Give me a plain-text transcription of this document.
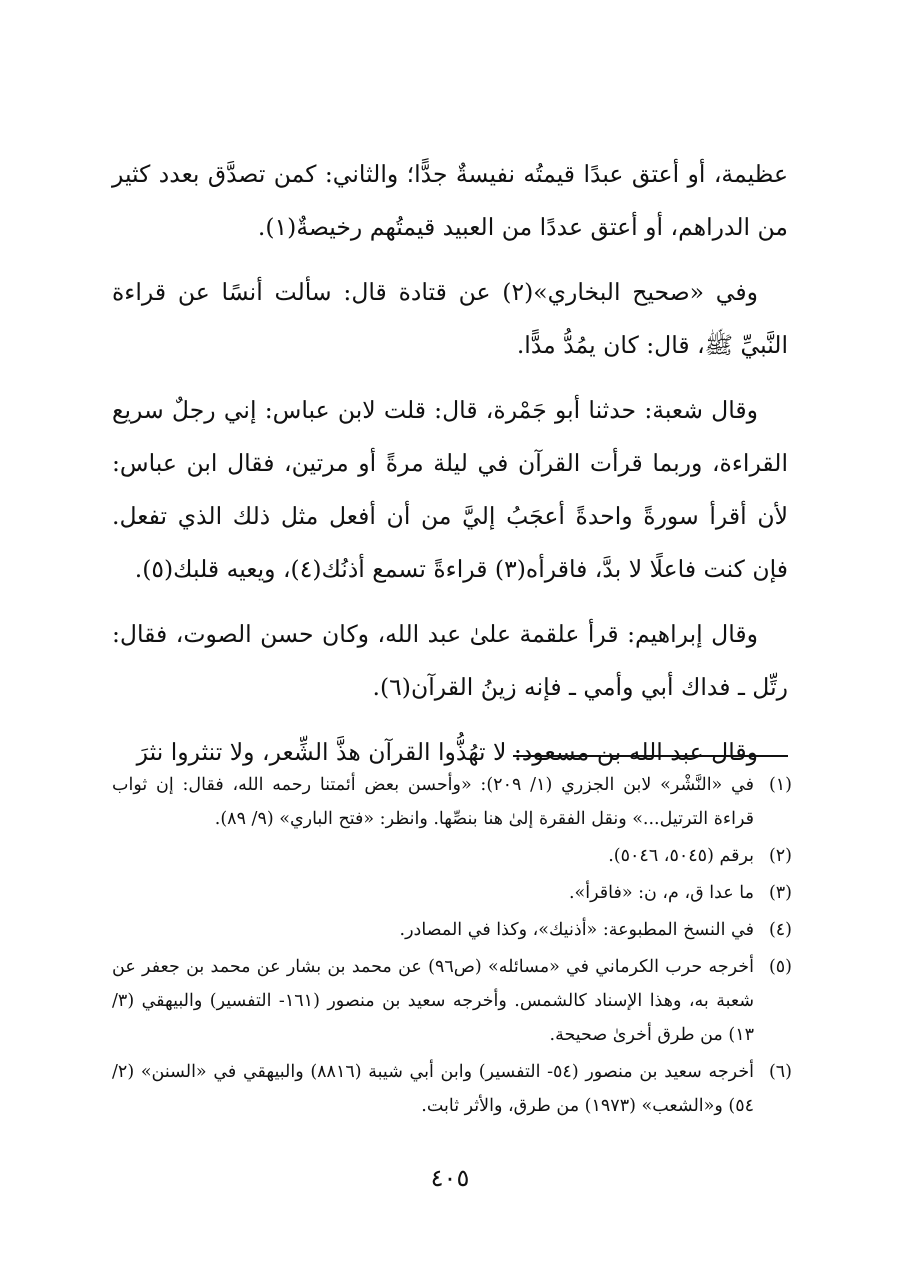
عظيمة، أو أعتق عبدًا قيمتُه نفيسةٌ جدًّا؛ والثاني: كمن تصدَّق بعدد كثير من الدراهم، أو أعتق عددًا من العبيد قيمتُهم رخيصةٌ(١).

وفي «صحيح البخاري»(٢) عن قتادة قال: سألت أنسًا عن قراءة النَّبيِّ ﷺ، قال: كان يمُدُّ مدًّا.

وقال شعبة: حدثنا أبو جَمْرة، قال: قلت لابن عباس: إني رجلٌ سريع القراءة، وربما قرأت القرآن في ليلة مرةً أو مرتين، فقال ابن عباس: لأن أقرأ سورةً واحدةً أعجَبُ إليَّ من أن أفعل مثل ذلك الذي تفعل. فإن كنت فاعلًا لا بدَّ، فاقرأه(٣) قراءةً تسمع أذنُك(٤)، ويعيه قلبك(٥).

وقال إبراهيم: قرأ علقمة علىٰ عبد الله، وكان حسن الصوت، فقال: رتِّل ـ فداك أبي وأمي ـ فإنه زينُ القرآن(٦).

وقال عبد الله بن مسعود: لا تهُذُّوا القرآن هذَّ الشِّعر، ولا تنثروا نثرَ

(١)
في «النَّشْر» لابن الجزري (١/ ٢٠٩): «وأحسن بعض أئمتنا رحمه الله، فقال: إن ثواب قراءة الترتيل...» ونقل الفقرة إلىٰ هنا بنصِّها. وانظر: «فتح الباري» (٩/ ٨٩).
(٢)
برقم (٥٠٤٥، ٥٠٤٦).
(٣)
ما عدا ق، م، ن: «فاقرأ».
(٤)
في النسخ المطبوعة: «أذنيك»، وكذا في المصادر.
(٥)
أخرجه حرب الكرماني في «مسائله» (ص٩٦) عن محمد بن بشار عن محمد بن جعفر عن شعبة به، وهذا الإسناد كالشمس. وأخرجه سعيد بن منصور (١٦١- التفسير) والبيهقي (٣/ ١٣) من طرق أخرىٰ صحيحة.
(٦)
أخرجه سعيد بن منصور (٥٤- التفسير) وابن أبي شيبة (٨٨١٦) والبيهقي في «السنن» (٢/ ٥٤) و«الشعب» (١٩٧٣) من طرق، والأثر ثابت.
٤٠٥
